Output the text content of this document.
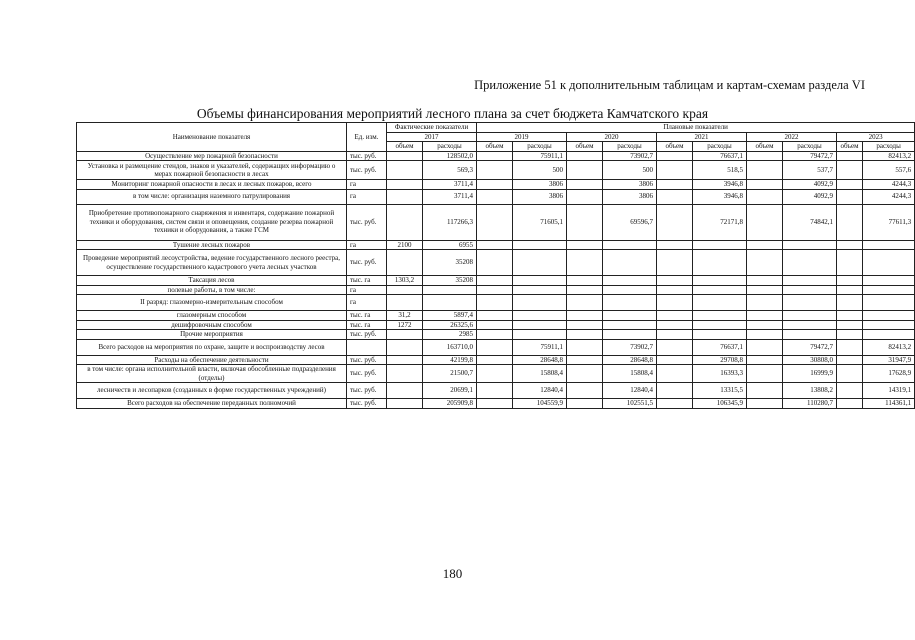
Приложение 51 к дополнительным таблицам и картам-схемам раздела VI
Объемы финансирования мероприятий лесного плана за счет бюджета Камчатского края
Наименование показателя	Ед. изм.	Фактические показатели		Плановые показатели									
		2017		2019		2020		2021		2022		2023	
		объем	расходы	объем	расходы	объем	расходы	объем	расходы	объем	расходы	объем	расходы
Осуществление мер пожарной безопасности	тыс. руб.		128502,0		75911,1		73902,7		76637,1		79472,7		82413,2
Установка и размещение стендов, знаков и указателей, содержащих информацию о мерах пожарной безопасности в лесах	тыс. руб.		569,3		500		500		518,5		537,7		557,6
Мониторинг пожарной опасности в лесах и лесных пожаров, всего	га		3711,4		3806		3806		3946,8		4092,9		4244,3
в том числе: организация наземного патрулирования	га		3711,4		3806		3806		3946,8		4092,9		4244,3
Приобретение противопожарного снаряжения и инвентаря, содержание пожарной техники и оборудования, систем связи и оповещения, создание резерва пожарной техники и оборудования, а также ГСМ	тыс. руб.		117266,3		71605,1		69596,7		72171,8		74842,1		77611,3
Тушение лесных пожаров	га	2100	6955										
Проведение мероприятий лесоустройства, ведение государственного лесного реестра, осуществление государственного кадастрового учета лесных участков	тыс. руб.		35208										
Таксация лесов	тыс. га	1303,2	35208										
полевые работы, в том числе:	га												
II разряд: глазомерно-измерительным способом	га												
глазомерным способом	тыс. га	31,2	5897,4										
дешифровочным способом	тыс. га	1272	26325,6										
Прочие мероприятия	тыс. руб.		2985										
Всего расходов на мероприятия по охране, защите и воспроизводству лесов			163710,0		75911,1		73902,7		76637,1		79472,7		82413,2
Расходы на обеспечение деятельности	тыс. руб.		42199,8		28648,8		28648,8		29708,8		30808,0		31947,9
в том числе: органа исполнительной власти, включая обособленные подразделения (отделы)	тыс. руб.		21500,7		15808,4		15808,4		16393,3		16999,9		17628,9
лесничеств и лесопарков (созданных в форме государственных учреждений)	тыс. руб.		20699,1		12840,4		12840,4		13315,5		13808,2		14319,1
Всего расходов на обеспечение переданных полномочий	тыс. руб.		205909,8		104559,9		102551,5		106345,9		110280,7		114361,1
180
